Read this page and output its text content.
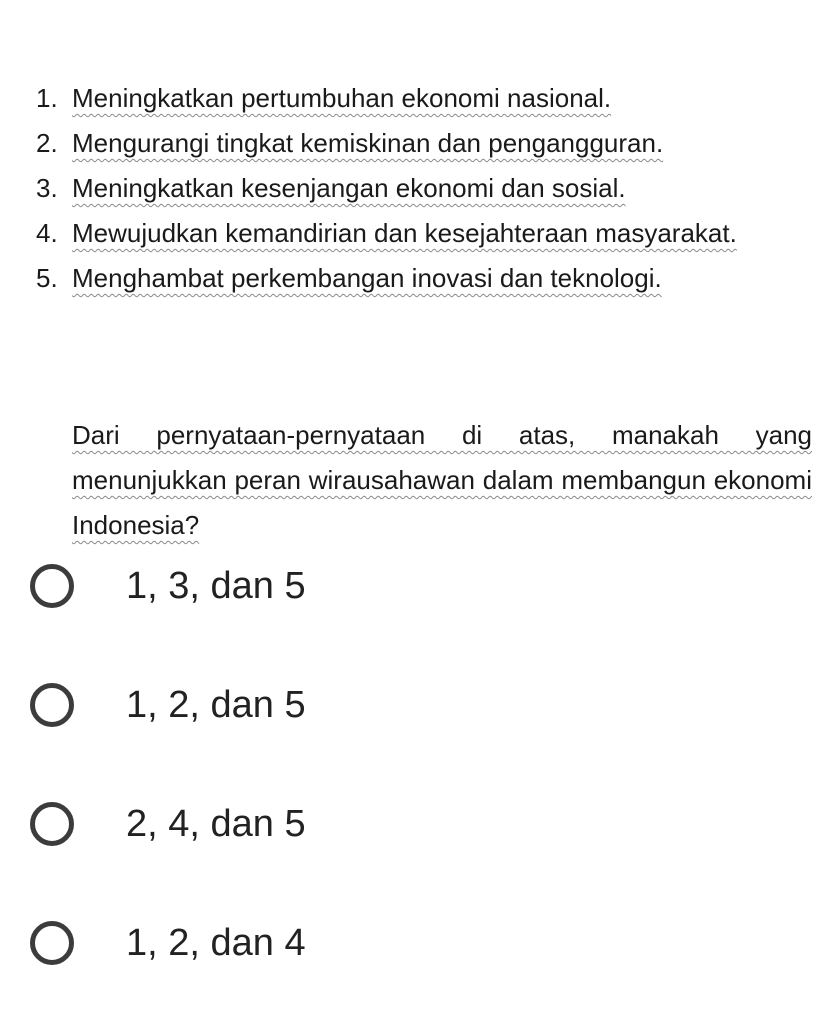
1. Meningkatkan pertumbuhan ekonomi nasional.
2. Mengurangi tingkat kemiskinan dan pengangguran.
3. Meningkatkan kesenjangan ekonomi dan sosial.
4. Mewujudkan kemandirian dan kesejahteraan masyarakat.
5. Menghambat perkembangan inovasi dan teknologi.

Dari pernyataan-pernyataan di atas, manakah yang menunjukkan peran wirausahawan dalam membangun ekonomi Indonesia?

1, 3, dan 5
1, 2, dan 5
2, 4, dan 5
1, 2, dan 4
